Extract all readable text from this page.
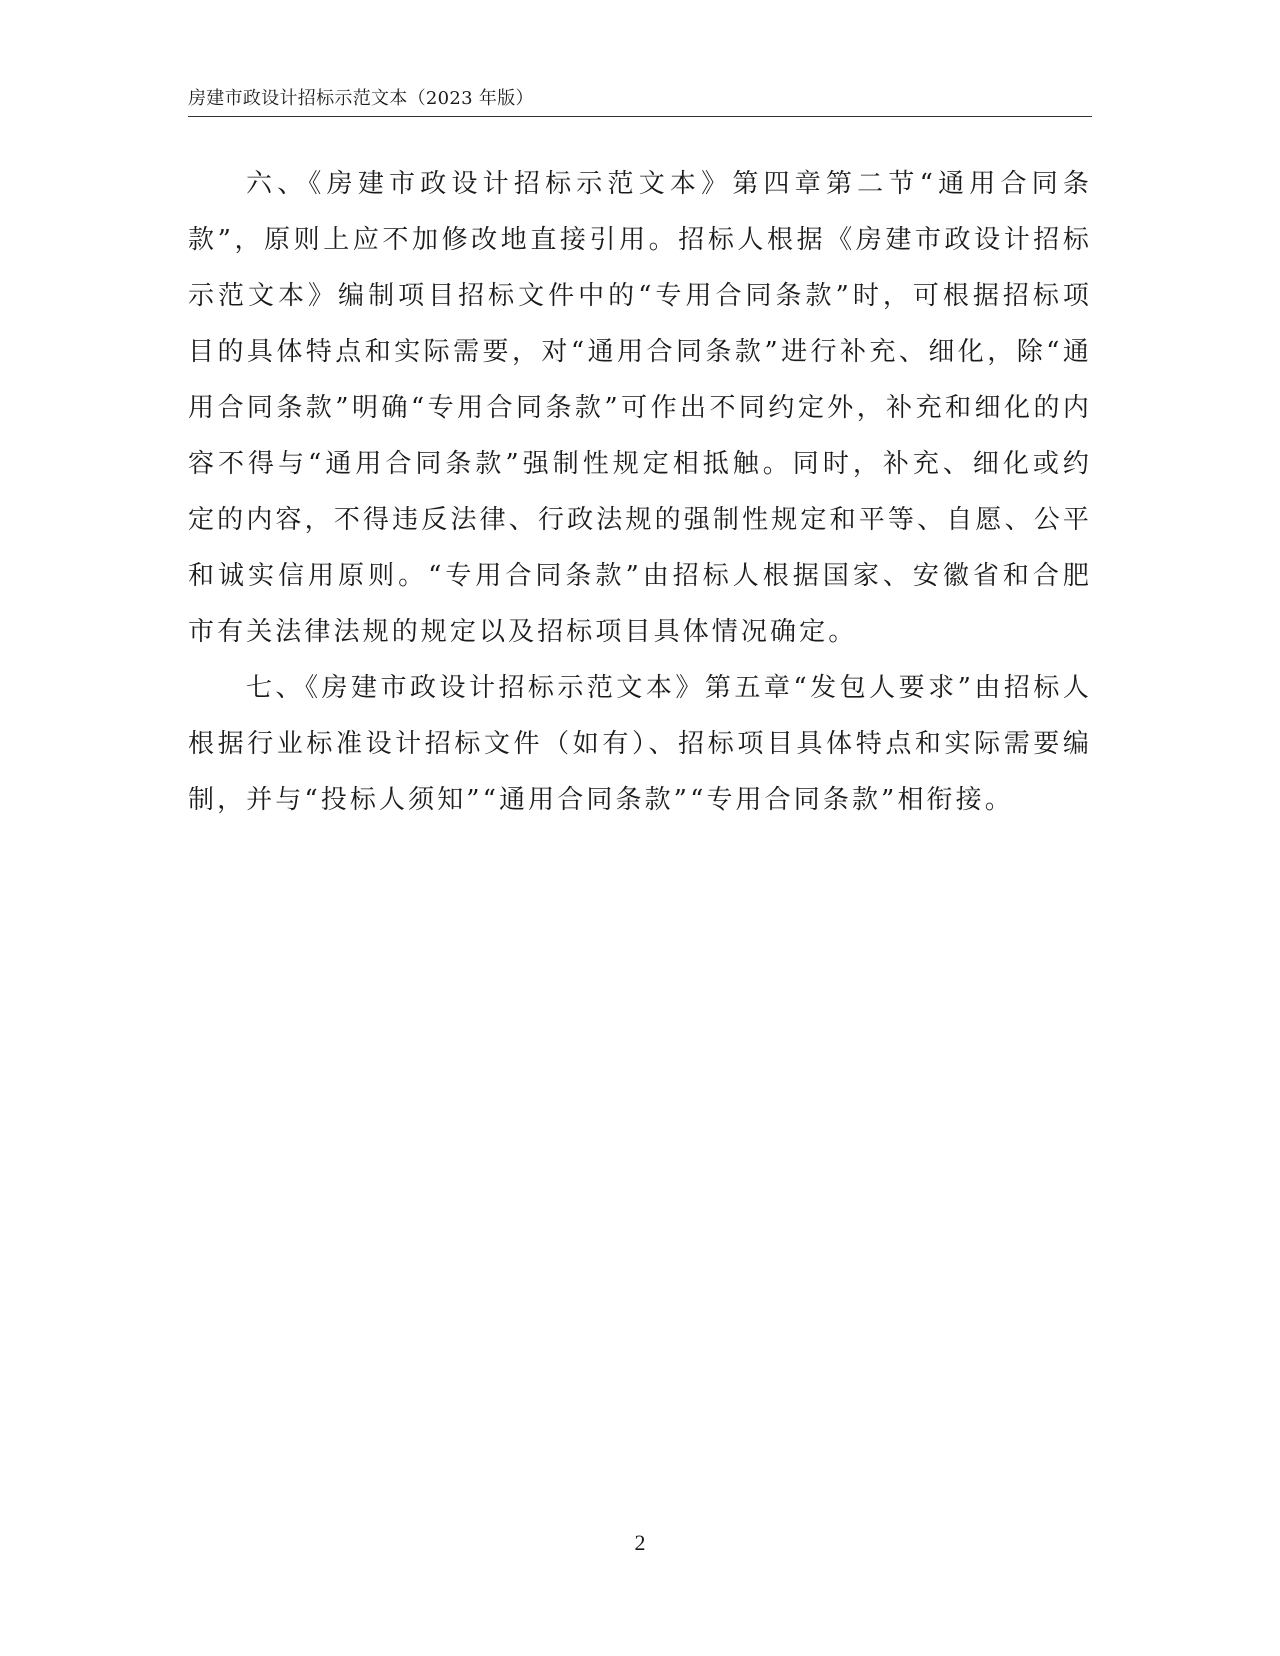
房建市政设计招标示范文本（2023 年版）

六、《房建市政设计招标示范文本》第四章第二节“通用合同条款”，原则上应不加修改地直接引用。招标人根据《房建市政设计招标示范文本》编制项目招标文件中的“专用合同条款”时，可根据招标项目的具体特点和实际需要，对“通用合同条款”进行补充、细化，除“通用合同条款”明确“专用合同条款”可作出不同约定外，补充和细化的内容不得与“通用合同条款”强制性规定相抵触。同时，补充、细化或约定的内容，不得违反法律、行政法规的强制性规定和平等、自愿、公平和诚实信用原则。“专用合同条款”由招标人根据国家、安徽省和合肥市有关法律法规的规定以及招标项目具体情况确定。

七、《房建市政设计招标示范文本》第五章“发包人要求”由招标人根据行业标准设计招标文件（如有）、招标项目具体特点和实际需要编制，并与“投标人须知”“通用合同条款”“专用合同条款”相衔接。

2
